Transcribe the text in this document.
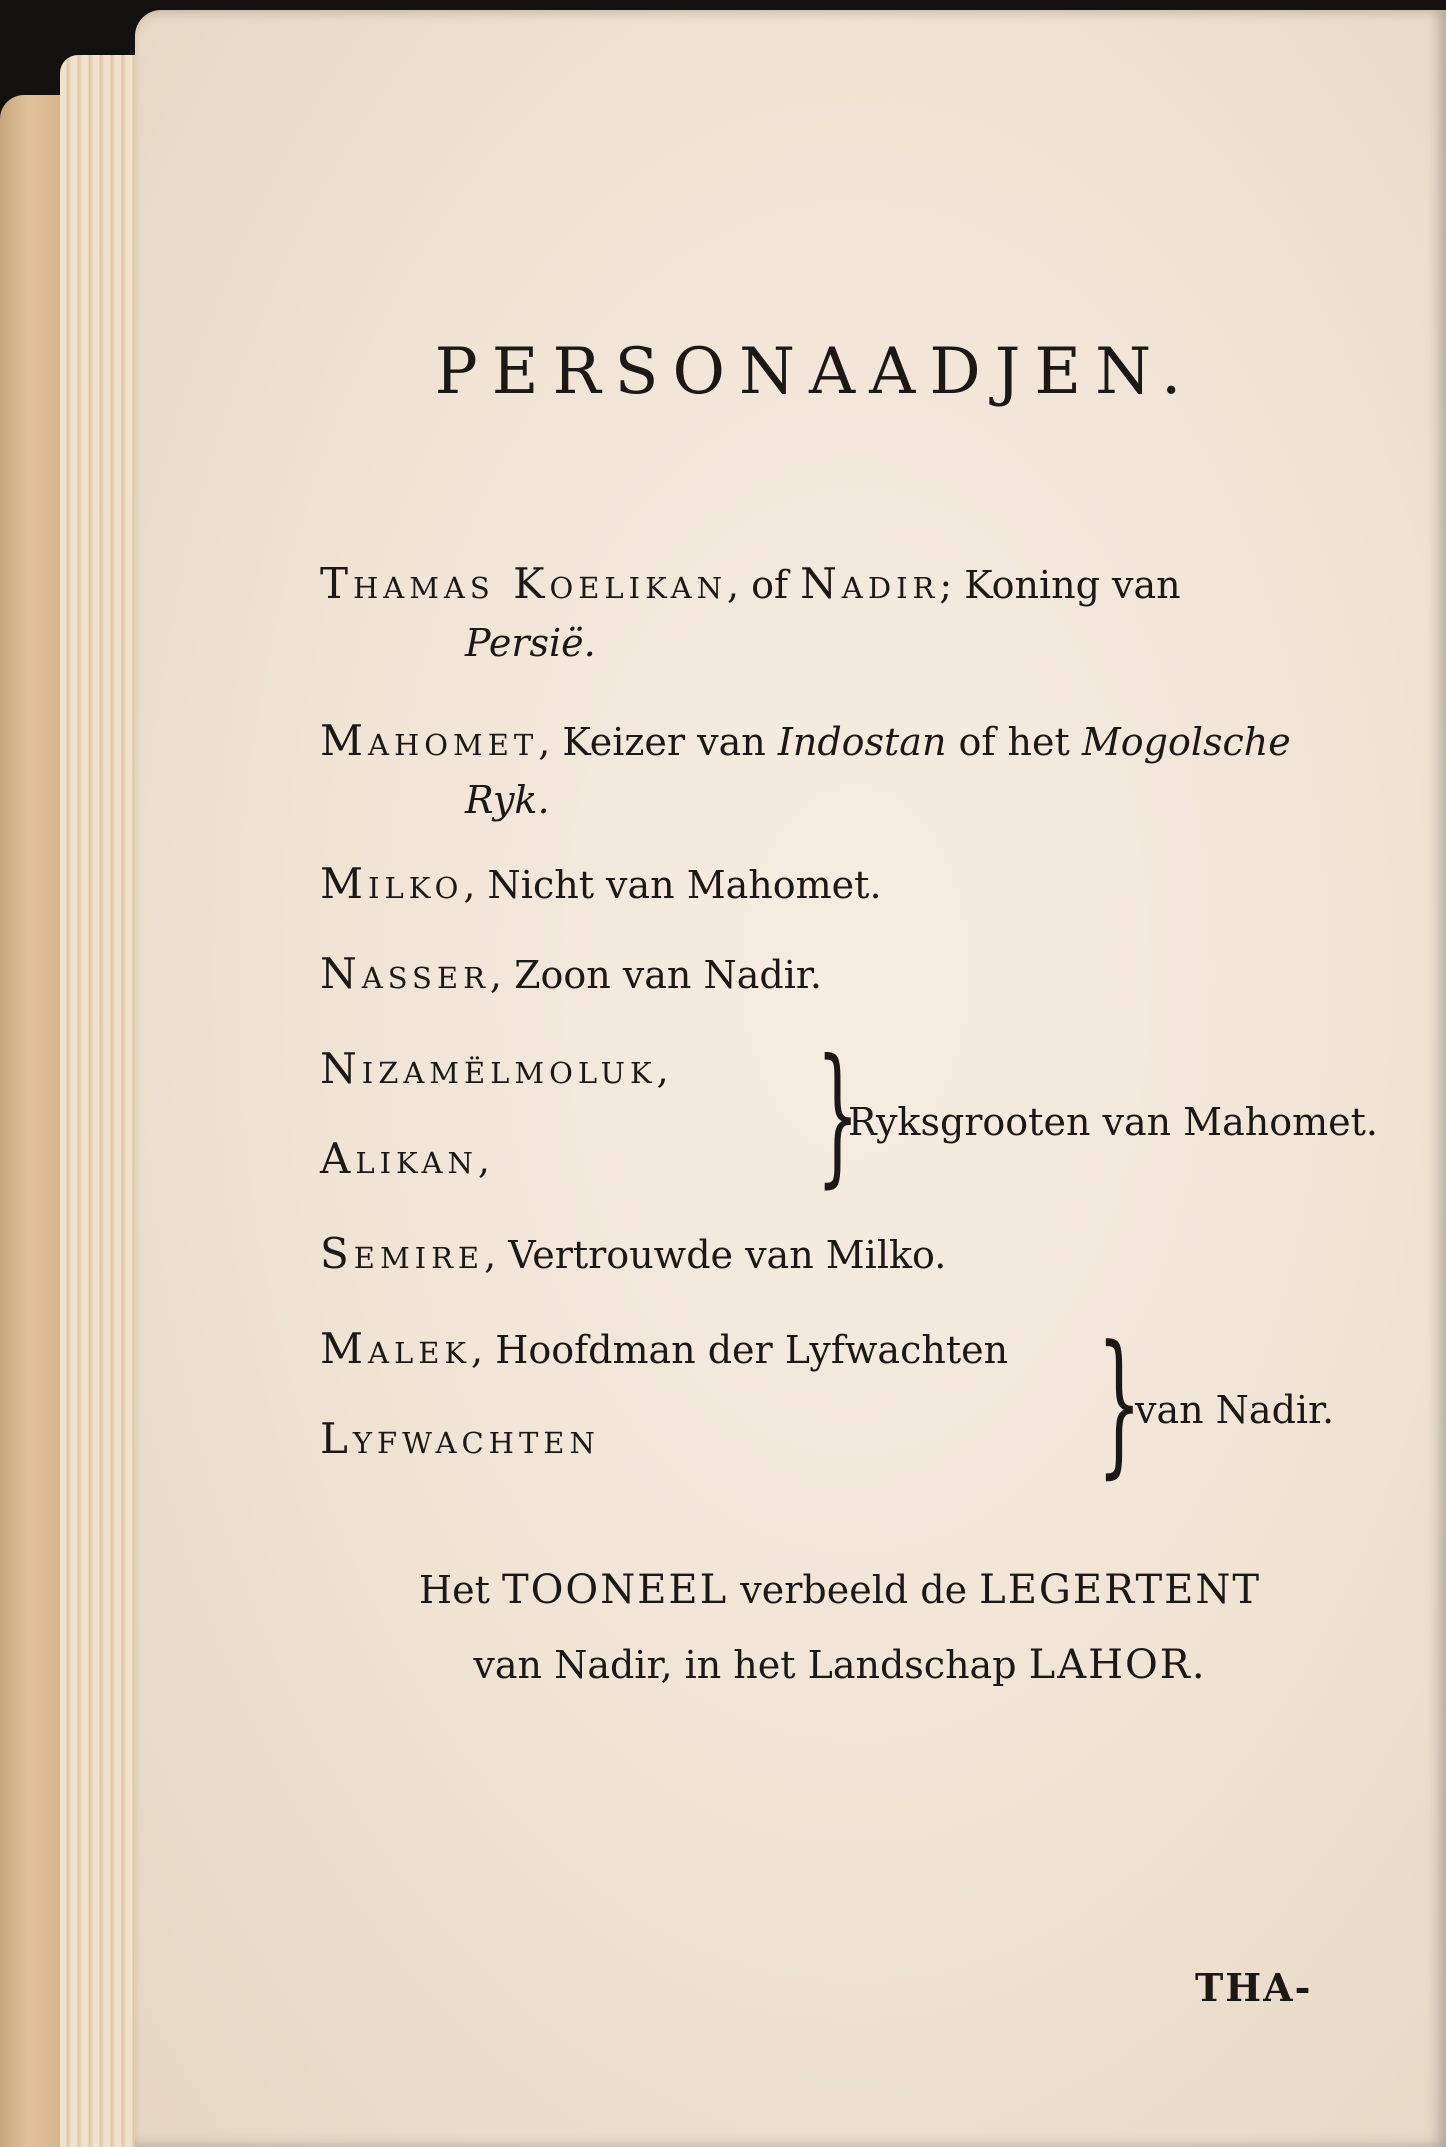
PERSONAADJEN.
Thamas Koelikan, of Nadir; Koning van
Persië.
Mahomet, Keizer van Indostan of het Mogolsche
Ryk.
Milko, Nicht van Mahomet.
Nasser, Zoon van Nadir.
Nizamëlmoluk,
Alikan, }
Ryksgrooten van Mahomet.
Semire, Vertrouwde van Milko.
Malek, Hoofdman der Lyfwachten
Lyfwachten	}
van Nadir.
Het TOONEEL verbeeld de LEGERTENT
van Nadir, in het Landschap LAHOR.
THA-
